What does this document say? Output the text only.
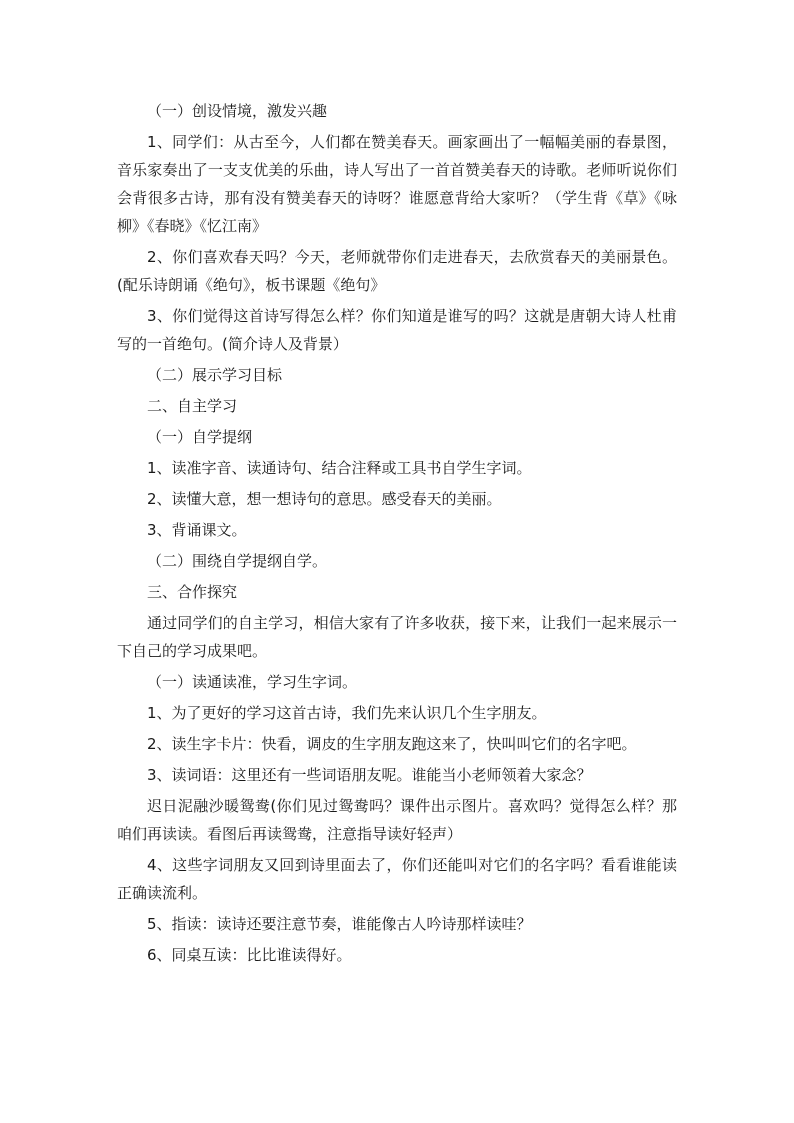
（一）创设情境，激发兴趣

1、同学们：从古至今，人们都在赞美春天。画家画出了一幅幅美丽的春景图，音乐家奏出了一支支优美的乐曲，诗人写出了一首首赞美春天的诗歌。老师听说你们会背很多古诗，那有没有赞美春天的诗呀？谁愿意背给大家听？（学生背《草》《咏柳》《春晓》《忆江南》

2、你们喜欢春天吗？今天，老师就带你们走进春天，去欣赏春天的美丽景色。(配乐诗朗诵《绝句》，板书课题《绝句》

3、你们觉得这首诗写得怎么样？你们知道是谁写的吗？这就是唐朝大诗人杜甫写的一首绝句。(简介诗人及背景）

（二）展示学习目标

二、自主学习

（一）自学提纲

1、读准字音、读通诗句、结合注释或工具书自学生字词。

2、读懂大意，想一想诗句的意思。感受春天的美丽。

3、背诵课文。

（二）围绕自学提纲自学。

三、合作探究

通过同学们的自主学习，相信大家有了许多收获，接下来，让我们一起来展示一下自己的学习成果吧。

（一）读通读准，学习生字词。

1、为了更好的学习这首古诗，我们先来认识几个生字朋友。

2、读生字卡片：快看，调皮的生字朋友跑这来了，快叫叫它们的名字吧。

3、读词语：这里还有一些词语朋友呢。谁能当小老师领着大家念？

迟日泥融沙暖鸳鸯(你们见过鸳鸯吗？课件出示图片。喜欢吗？觉得怎么样？那咱们再读读。看图后再读鸳鸯，注意指导读好轻声）

4、这些字词朋友又回到诗里面去了，你们还能叫对它们的名字吗？看看谁能读正确读流利。

5、指读：读诗还要注意节奏，谁能像古人吟诗那样读哇？

6、同桌互读：比比谁读得好。
